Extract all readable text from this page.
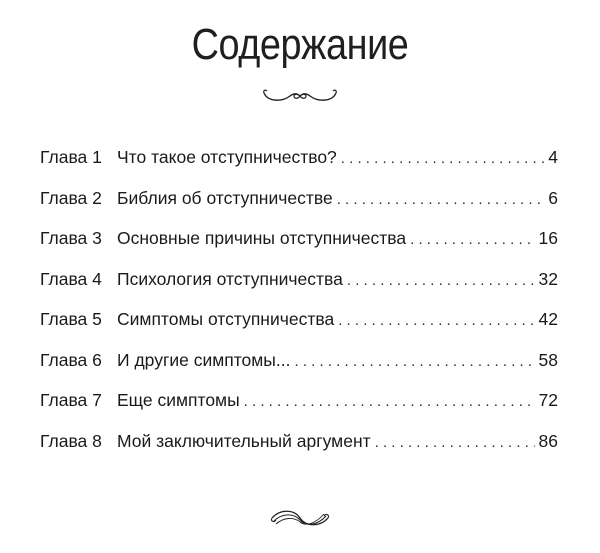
Содержание
Глава 1 Что такое отступничество? . . .	4
Глава 2 Библия об отступничестве . . .	6
Глава 3 Основные причины отступничества . . .	16
Глава 4 Психология отступничества . . .	32
Глава 5 Симптомы отступничества . . .	42
Глава 6 И другие симптомы... . . .	58
Глава 7 Еще симптомы . . .	72
Глава 8 Мой заключительный аргумент . . .	86
